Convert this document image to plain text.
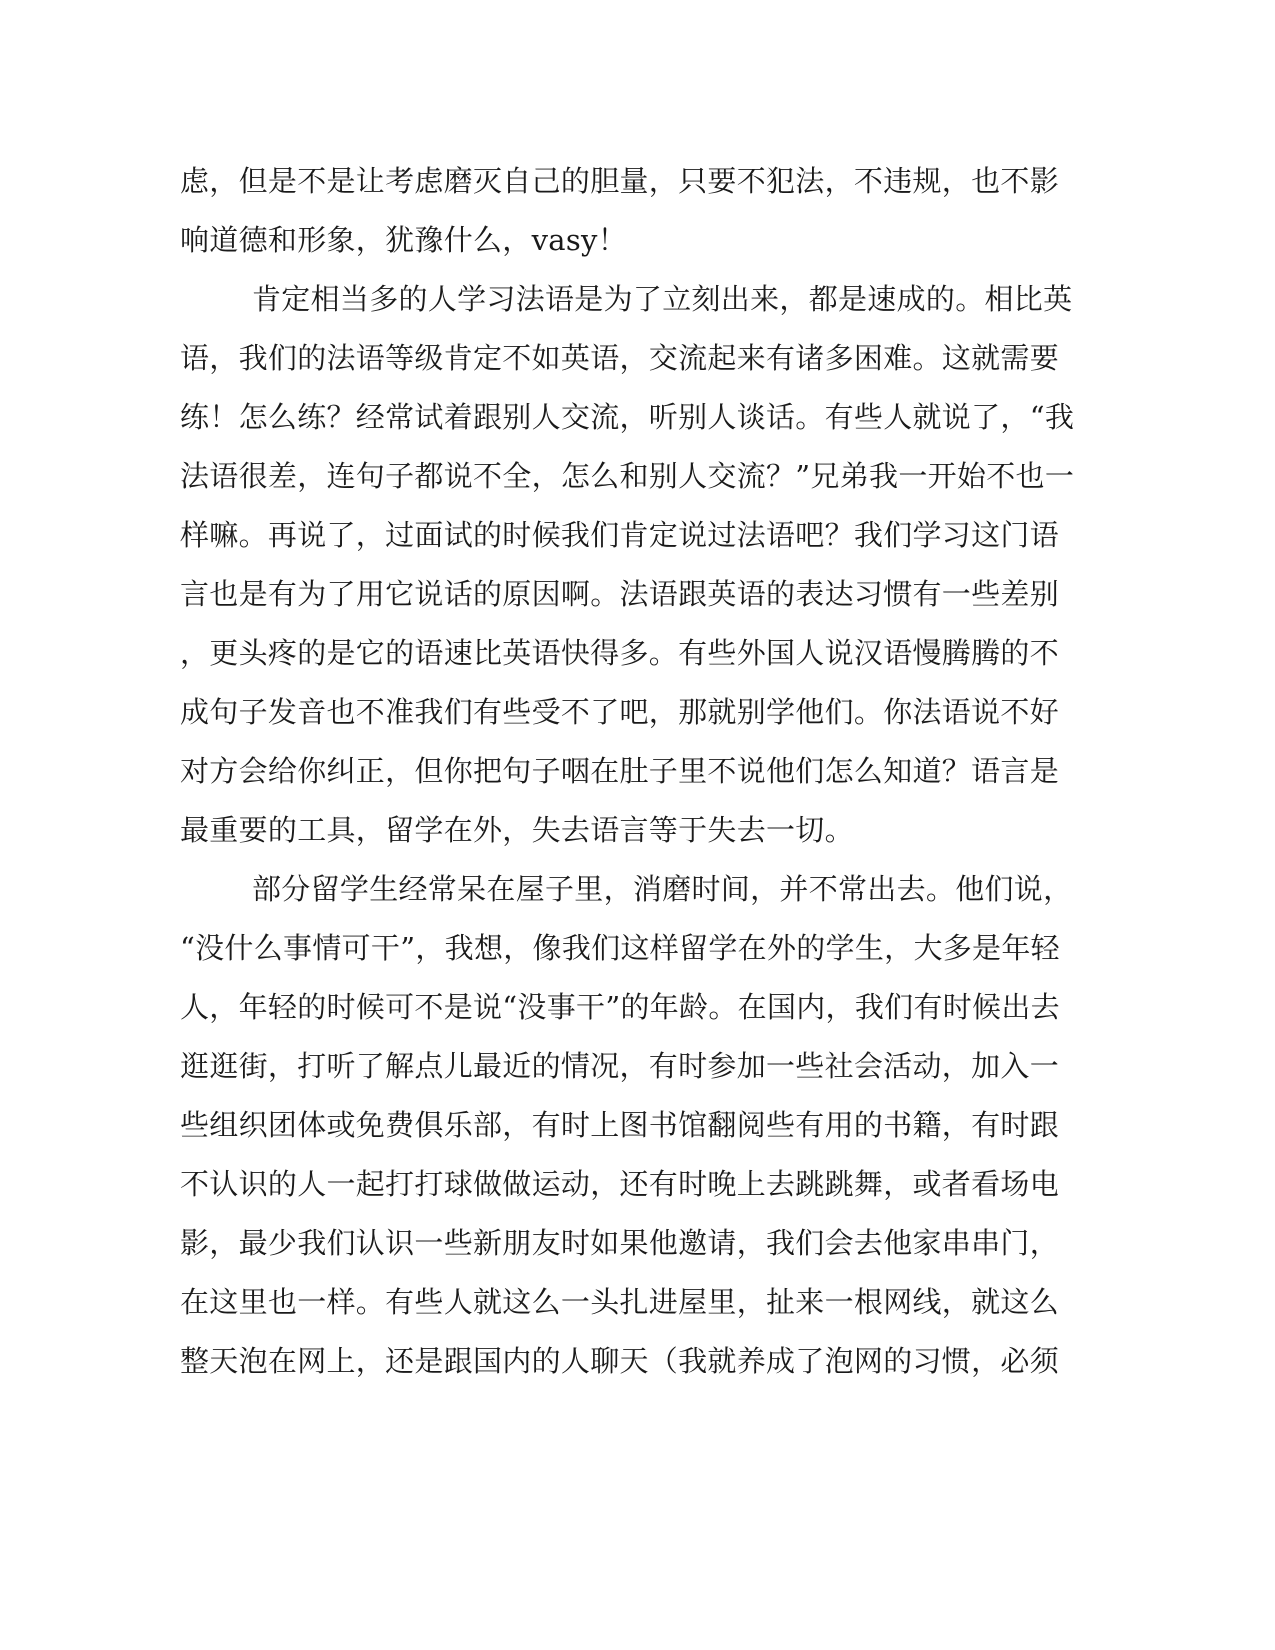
虑，但是不是让考虑磨灭自己的胆量，只要不犯法，不违规，也不影
响道德和形象，犹豫什么，vasy！
肯定相当多的人学习法语是为了立刻出来，都是速成的。相比英
语，我们的法语等级肯定不如英语，交流起来有诸多困难。这就需要
练！怎么练？经常试着跟别人交流，听别人谈话。有些人就说了，“我
法语很差，连句子都说不全，怎么和别人交流？”兄弟我一开始不也一
样嘛。再说了，过面试的时候我们肯定说过法语吧？我们学习这门语
言也是有为了用它说话的原因啊。法语跟英语的表达习惯有一些差别
，更头疼的是它的语速比英语快得多。有些外国人说汉语慢腾腾的不
成句子发音也不准我们有些受不了吧，那就别学他们。你法语说不好
对方会给你纠正，但你把句子咽在肚子里不说他们怎么知道？语言是
最重要的工具，留学在外，失去语言等于失去一切。
部分留学生经常呆在屋子里，消磨时间，并不常出去。他们说，
“没什么事情可干”，我想，像我们这样留学在外的学生，大多是年轻
人，年轻的时候可不是说“没事干”的年龄。在国内，我们有时候出去
逛逛街，打听了解点儿最近的情况，有时参加一些社会活动，加入一
些组织团体或免费俱乐部，有时上图书馆翻阅些有用的书籍，有时跟
不认识的人一起打打球做做运动，还有时晚上去跳跳舞，或者看场电
影，最少我们认识一些新朋友时如果他邀请，我们会去他家串串门，
在这里也一样。有些人就这么一头扎进屋里，扯来一根网线，就这么
整天泡在网上，还是跟国内的人聊天（我就养成了泡网的习惯，必须
